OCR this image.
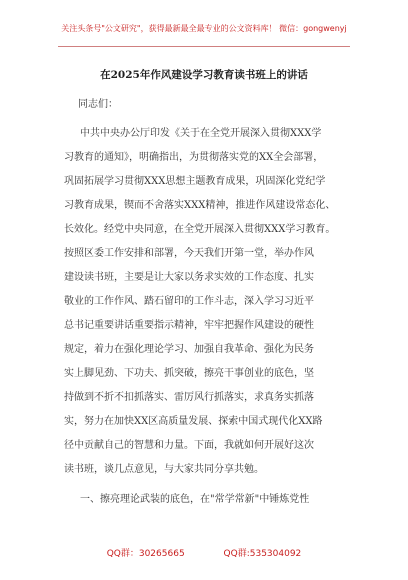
关注头条号"公文研究"，获得最新最全最专业的公文资料库！ 微信：gongwenyj
在2025年作风建设学习教育读书班上的讲话
同志们：
中共中央办公厅印发《关于在全党开展深入贯彻XXX学
习教育的通知》，明确指出，为贯彻落实党的XX全会部署，
巩固拓展学习贯彻XXX思想主题教育成果，巩固深化党纪学
习教育成果，锲而不舍落实XXX精神，推进作风建设常态化、
长效化。经党中央同意，在全党开展深入贯彻XXX学习教育。
按照区委工作安排和部署，今天我们开第一堂，举办作风
建设读书班，主要是让大家以务求实效的工作态度、扎实
敬业的工作作风、踏石留印的工作斗志，深入学习习近平
总书记重要讲话重要指示精神，牢牢把握作风建设的硬性
规定，着力在强化理论学习、加强自我革命、强化为民务
实上脚见劲、下功夫、抓突破，擦亮干事创业的底色，坚
持做到不折不扣抓落实、雷厉风行抓落实，求真务实抓落
实，努力在加快XX区高质量发展、探索中国式现代化XX路
径中贡献自己的智慧和力量。下面，我就如何开展好这次
读书班，谈几点意见，与大家共同分享共勉。
一、擦亮理论武装的底色，在"常学常新"中锤炼党性
QQ群：30265665	QQ群:535304092
